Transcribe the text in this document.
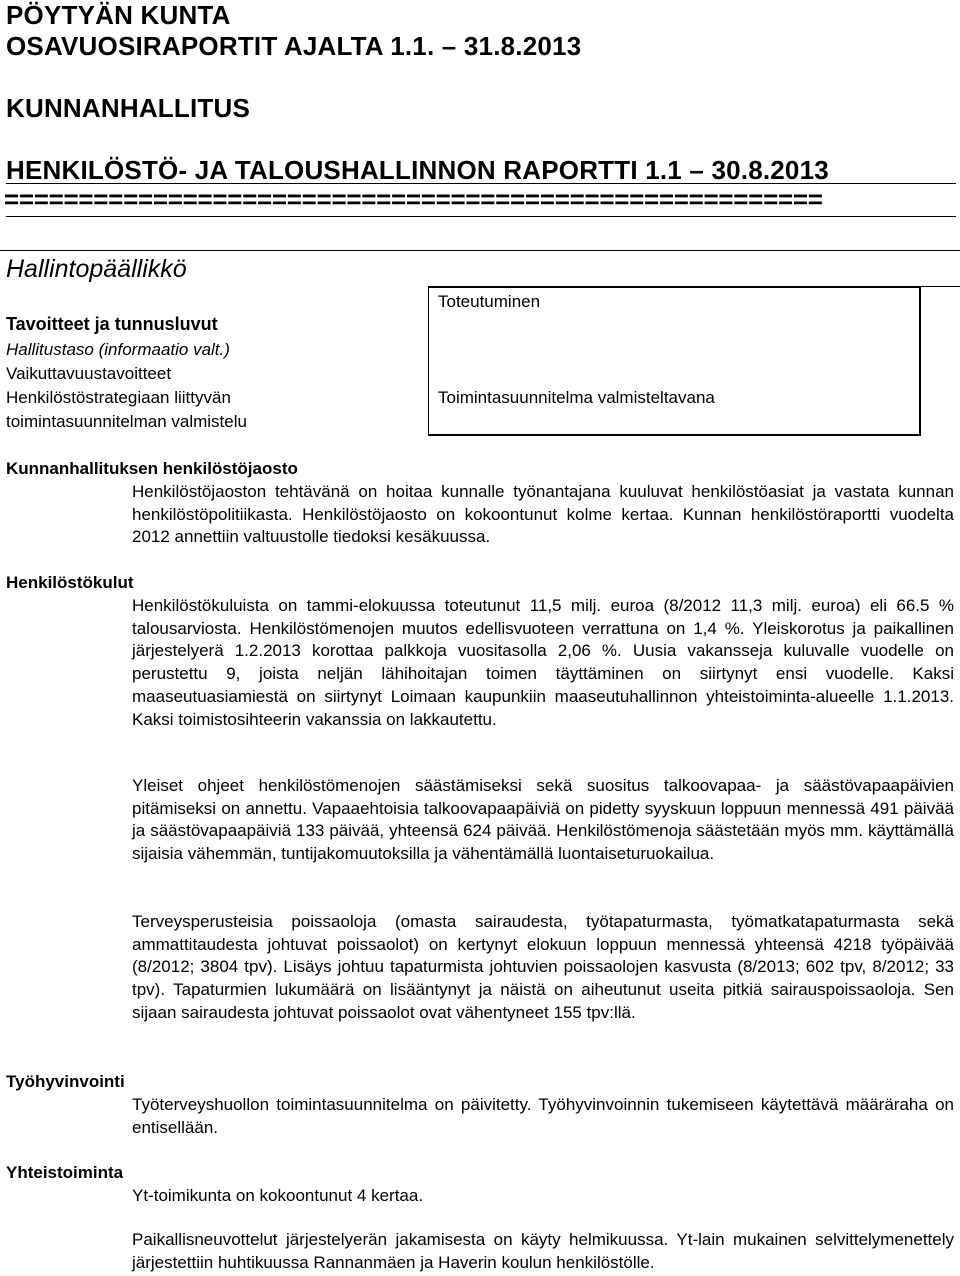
PÖYTYÄN KUNTA
OSAVUOSIRAPORTIT AJALTA 1.1. – 31.8.2013
KUNNANHALLITUS
HENKILÖSTÖ- JA TALOUSHALLINNON RAPORTTI 1.1 – 30.8.2013
=======================================================
Hallintopäällikkö
Tavoitteet ja tunnusluvut
Hallitustaso (informaatio valt.)
Vaikuttavuustavoitteet
Henkilöstöstrategiaan liittyvän
toimintasuunnitelman valmistelu
Toteutuminen
Toimintasuunnitelma valmisteltavana
Kunnanhallituksen henkilöstöjaosto
Henkilöstöjaoston tehtävänä on hoitaa kunnalle työnantajana kuuluvat henkilöstöasiat ja vastata kunnan henkilöstöpolitiikasta. Henkilöstöjaosto on kokoontunut kolme kertaa. Kunnan henkilöstöraportti vuodelta 2012 annettiin valtuustolle tiedoksi kesäkuussa.
Henkilöstökulut
Henkilöstökuluista on tammi-elokuussa toteutunut 11,5 milj. euroa (8/2012 11,3 milj. euroa) eli 66.5 % talousarviosta. Henkilöstömenojen muutos edellisvuoteen verrattuna on 1,4 %. Yleiskorotus ja paikallinen järjestelyerä 1.2.2013 korottaa palkkoja vuositasolla 2,06 %. Uusia vakansseja kuluvalle vuodelle on perustettu 9, joista neljän lähihoitajan toimen täyttäminen on siirtynyt ensi vuodelle. Kaksi maaseutuasiamiestä on siirtynyt Loimaan kaupunkiin maaseutuhallinnon yhteistoiminta-alueelle 1.1.2013. Kaksi toimistosihteerin vakanssia on lakkautettu.
Yleiset ohjeet henkilöstömenojen säästämiseksi sekä suositus talkoovapaa- ja säästövapaapäivien pitämiseksi on annettu. Vapaaehtoisia talkoovapaapäiviä on pidetty syyskuun loppuun mennessä 491 päivää ja säästövapaapäiviä 133 päivää, yhteensä 624 päivää. Henkilöstömenoja säästetään myös mm. käyttämällä sijaisia vähemmän, tuntijakomuutoksilla ja vähentämällä luontaiseturuokailua.
Terveysperusteisia poissaoloja (omasta sairaudesta, työtapaturmasta, työmatkatapaturmasta sekä ammattitaudesta johtuvat poissaolot) on kertynyt elokuun loppuun mennessä yhteensä 4218 työpäivää (8/2012; 3804 tpv). Lisäys johtuu tapaturmista johtuvien poissaolojen kasvusta (8/2013; 602 tpv, 8/2012; 33 tpv). Tapaturmien lukumäärä on lisääntynyt ja näistä on aiheutunut useita pitkiä sairauspoissaoloja. Sen sijaan sairaudesta johtuvat poissaolot ovat vähentyneet 155 tpv:llä.
Työhyvinvointi
Työterveyshuollon toimintasuunnitelma on päivitetty. Työhyvinvoinnin tukemiseen käytettävä määräraha on entisellään.
Yhteistoiminta
Yt-toimikunta on kokoontunut 4 kertaa.
Paikallisneuvottelut järjestelyerän jakamisesta on käyty helmikuussa. Yt-lain mukainen selvittelymenettely järjestettiin huhtikuussa Rannanmäen ja Haverin koulun henkilöstölle.
